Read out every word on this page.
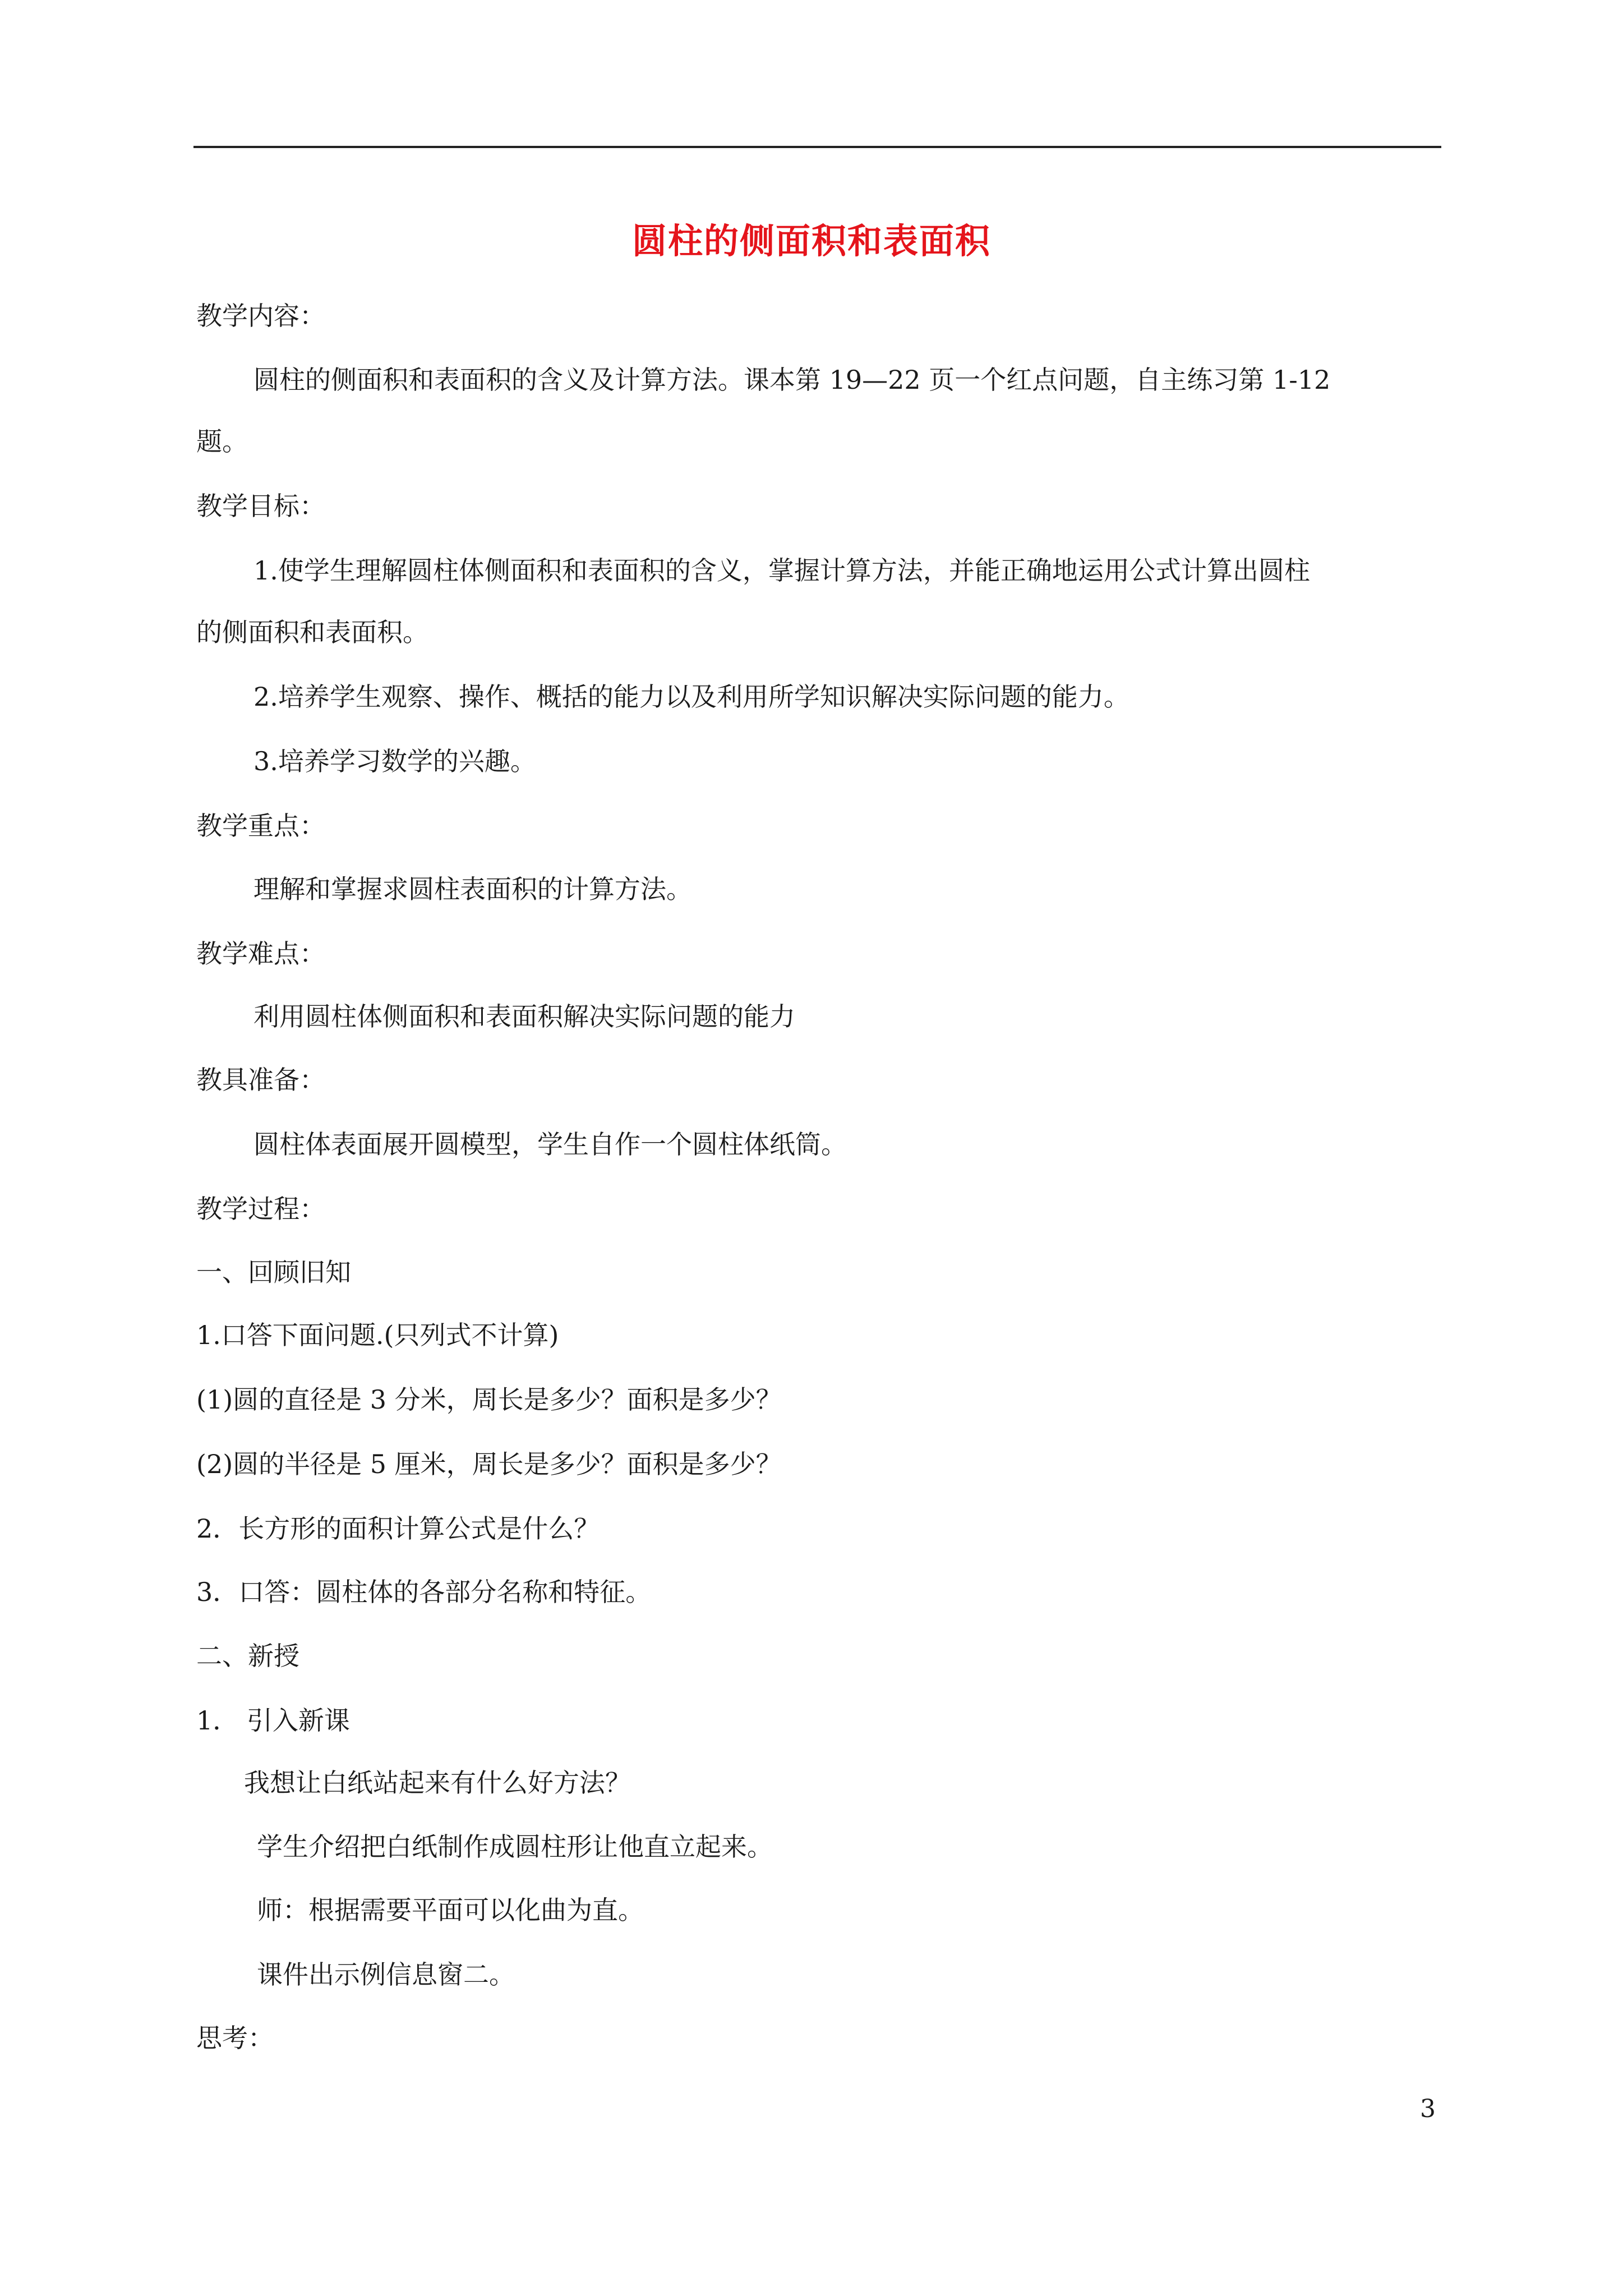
圆柱的侧面积和表面积
教学内容：
圆柱的侧面积和表面积的含义及计算方法。课本第 19—22 页一个红点问题，自主练习第 1-12
题。
教学目标：
1.使学生理解圆柱体侧面积和表面积的含义，掌握计算方法，并能正确地运用公式计算出圆柱
的侧面积和表面积。
2.培养学生观察、操作、概括的能力以及利用所学知识解决实际问题的能力。
3.培养学习数学的兴趣。
教学重点：
理解和掌握求圆柱表面积的计算方法。
教学难点：
利用圆柱体侧面积和表面积解决实际问题的能力
教具准备：
圆柱体表面展开圆模型，学生自作一个圆柱体纸筒。
教学过程：
一、回顾旧知
1.口答下面问题.(只列式不计算)
(1)圆的直径是 3 分米，周长是多少？面积是多少？
(2)圆的半径是 5 厘米，周长是多少？面积是多少？
2．长方形的面积计算公式是什么？
3．口答：圆柱体的各部分名称和特征。
二、新授
1． 引入新课
我想让白纸站起来有什么好方法？
学生介绍把白纸制作成圆柱形让他直立起来。
师：根据需要平面可以化曲为直。
课件出示例信息窗二。
思考：
3
